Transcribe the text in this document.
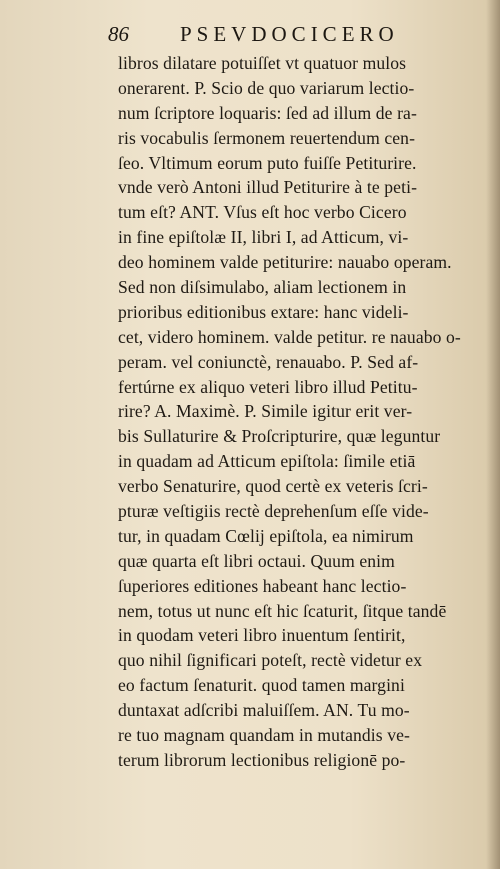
86 PSEVDOCICERO
libros dilatare potuiſſet vt quatuor mulos
onerarent. P. Scio de quo variarum lectio-
num ſcriptore loquaris: ſed ad illum de ra-
ris vocabulis ſermonem reuertendum cen-
ſeo. Vltimum eorum puto fuiſſe Petiturire.
vnde verò Antoni illud Petiturire à te peti-
tum eſt? ANT. Vſus eſt hoc verbo Cicero
in fine epiſtolæ II, libri I, ad Atticum, vi-
deo hominem valde petiturire: nauabo operam.
Sed non diſsimulabo, aliam lectionem in
prioribus editionibus extare: hanc videli-
cet, videro hominem. valde petitur. re nauabo o-
peram. vel coniunctè, renauabo. P. Sed af-
fertúrne ex aliquo veteri libro illud Petitu-
rire? A. Maximè. P. Simile igitur erit ver-
bis Sullaturire & Proſcripturire, quæ leguntur
in quadam ad Atticum epiſtola: ſimile etiā
verbo Senaturire, quod certè ex veteris ſcri-
pturæ veſtigiis rectè deprehenſum eſſe vide-
tur, in quadam Cœlij epiſtola, ea nimirum
quæ quarta eſt libri octaui. Quum enim
ſuperiores editiones habeant hanc lectio-
nem, totus ut nunc eſt hic ſcaturit, ſitque tandē
in quodam veteri libro inuentum ſentirit,
quo nihil ſignificari poteſt, rectè videtur ex
eo factum ſenaturit. quod tamen margini
duntaxat adſcribi maluiſſem. AN. Tu mo-
re tuo magnam quandam in mutandis ve-
terum librorum lectionibus religionē po-
